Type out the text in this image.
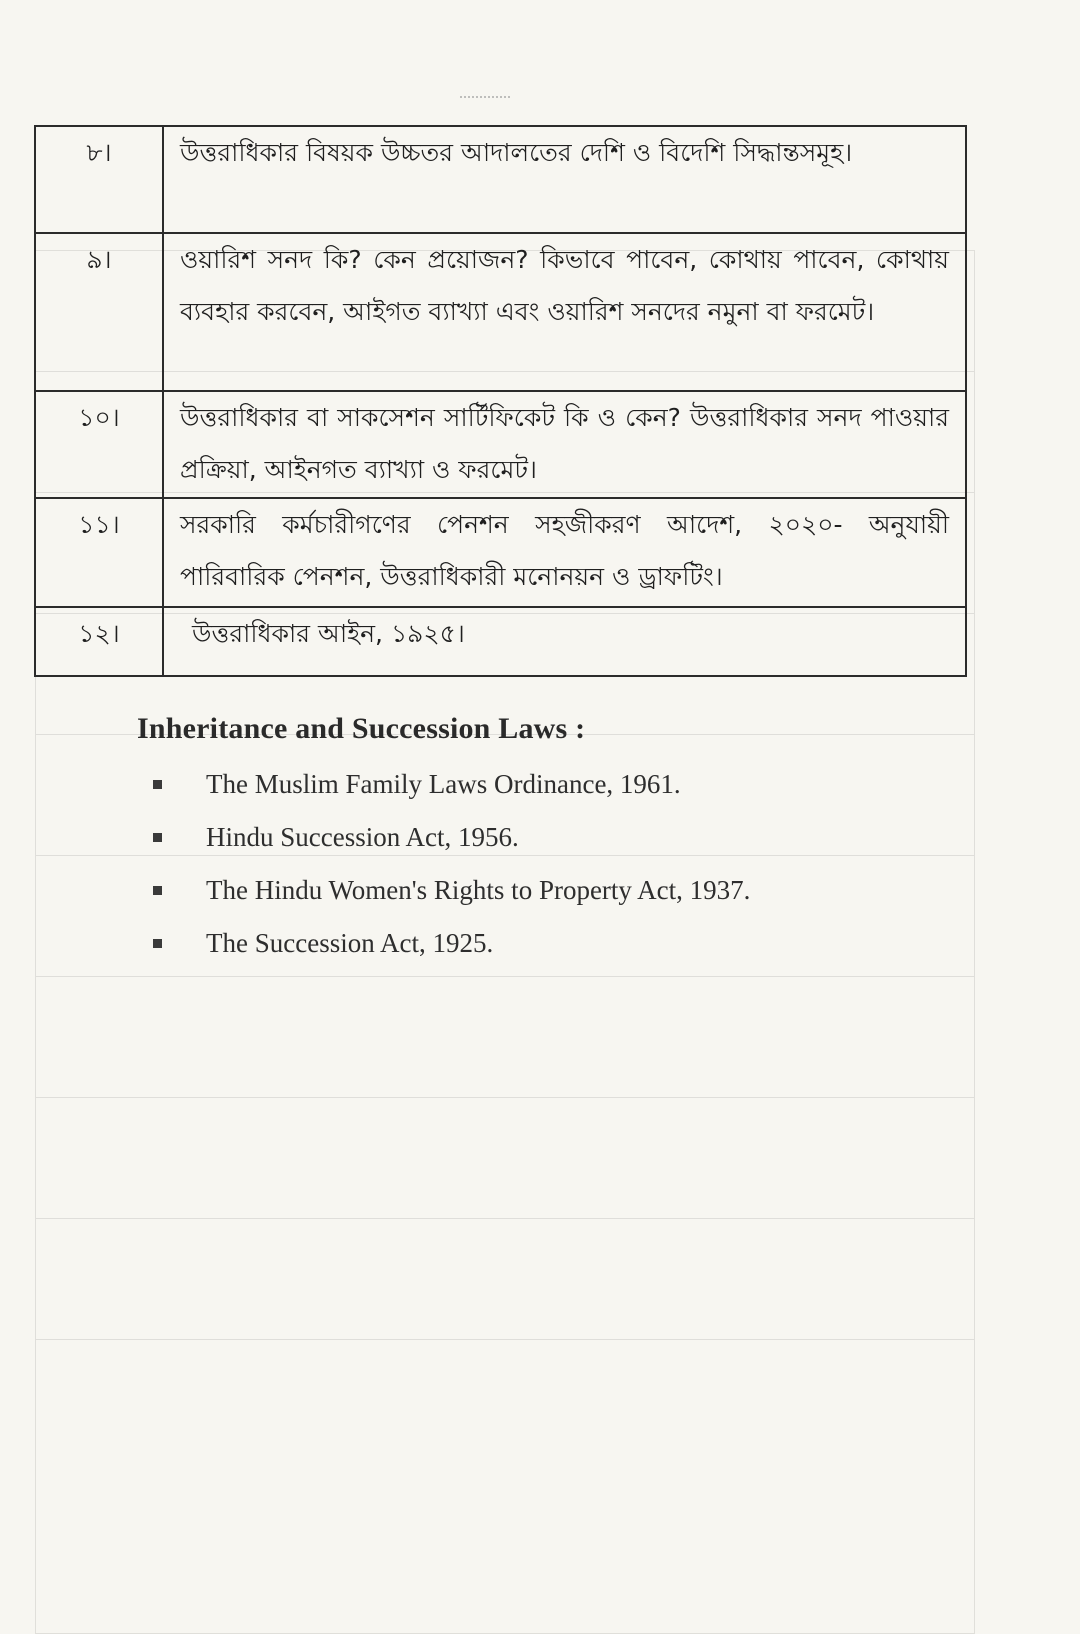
৮।	উত্তরাধিকার বিষয়ক উচ্চতর আদালতের দেশি ও বিদেশি সিদ্ধান্তসমূহ।
৯।	ওয়ারিশ সনদ কি? কেন প্রয়োজন? কিভাবে পাবেন, কোথায় পাবেন, কোথায় ব্যবহার করবেন, আইগত ব্যাখ্যা এবং ওয়ারিশ সনদের নমুনা বা ফরমেট।
১০।	উত্তরাধিকার বা সাকসেশন সার্টিফিকেট কি ও কেন? উত্তরাধিকার সনদ পাওয়ার প্রক্রিয়া, আইনগত ব্যাখ্যা ও ফরমেট।
১১।	সরকারি কর্মচারীগণের পেনশন সহজীকরণ আদেশ, ২০২০- অনুযায়ী পারিবারিক পেনশন, উত্তরাধিকারী মনোনয়ন ও ড্রাফটিং।
১২।	উত্তরাধিকার আইন, ১৯২৫।
Inheritance and Succession Laws :
The Muslim Family Laws Ordinance, 1961.
Hindu Succession Act, 1956.
The Hindu Women's Rights to Property Act, 1937.
The Succession Act, 1925.
